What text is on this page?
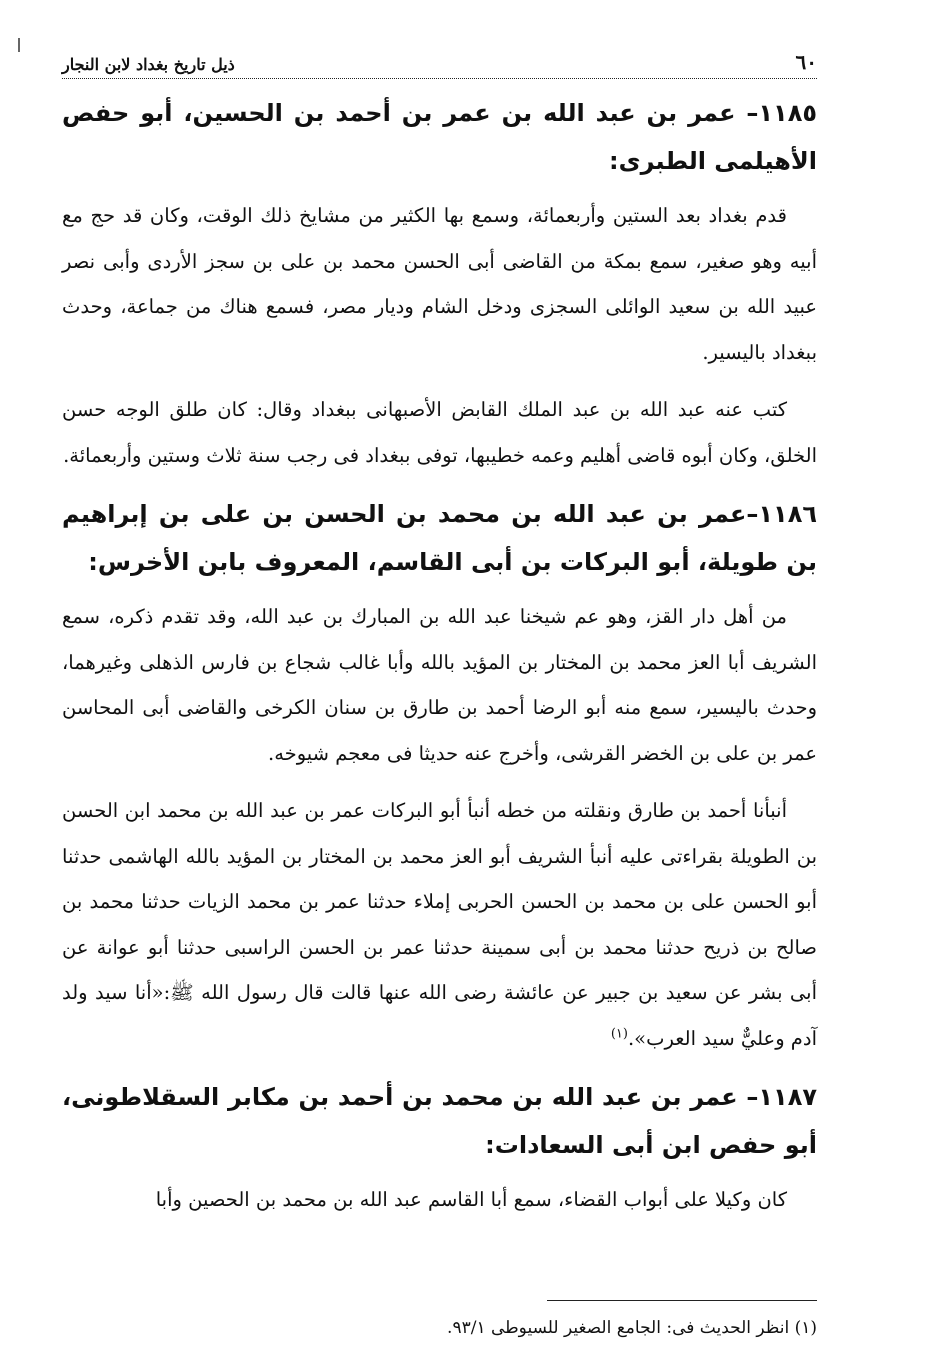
٦٠
ذيل تاريخ بغداد لابن النجار
١١٨٥– عمر بن عبد الله بن عمر بن أحمد بن الحسين، أبو حفص الأهيلمى الطبرى:

قدم بغداد بعد الستين وأربعمائة، وسمع بها الكثير من مشايخ ذلك الوقت، وكان قد حج مع أبيه وهو صغير، سمع بمكة من القاضى أبى الحسن محمد بن على بن سجز الأردى وأبى نصر عبيد الله بن سعيد الوائلى السجزى ودخل الشام وديار مصر، فسمع هناك من جماعة، وحدث ببغداد باليسير.

كتب عنه عبد الله بن عبد الملك القابض الأصبهانى ببغداد وقال: كان طلق الوجه حسن الخلق، وكان أبوه قاضى أهليم وعمه خطيبها، توفى ببغداد فى رجب سنة ثلاث وستين وأربعمائة.

١١٨٦–عمر بن عبد الله بن محمد بن الحسن بن على بن إبراهيم بن طويلة، أبو البركات بن أبى القاسم، المعروف بابن الأخرس:

من أهل دار القز، وهو عم شيخنا عبد الله بن المبارك بن عبد الله، وقد تقدم ذكره، سمع الشريف أبا العز محمد بن المختار بن المؤيد بالله وأبا غالب شجاع بن فارس الذهلى وغيرهما، وحدث باليسير، سمع منه أبو الرضا أحمد بن طارق بن سنان الكرخى والقاضى أبى المحاسن عمر بن على بن الخضر القرشى، وأخرج عنه حديثا فى معجم شيوخه.

أنبأنا أحمد بن طارق ونقلته من خطه أنبأ أبو البركات عمر بن عبد الله بن محمد ابن الحسن بن الطويلة بقراءتى عليه أنبأ الشريف أبو العز محمد بن المختار بن المؤيد بالله الهاشمى حدثنا أبو الحسن على بن محمد بن الحسن الحربى إملاء حدثنا عمر بن محمد الزيات حدثنا محمد بن صالح بن ذريح حدثنا محمد بن أبى سمينة حدثنا عمر بن الحسن الراسبى حدثنا أبو عوانة عن أبى بشر عن سعيد بن جبير عن عائشة رضى الله عنها قالت قال رسول الله ﷺ:«أنا سيد ولد آدم وعليٌّ سيد العرب».$^{(١)}$

١١٨٧– عمر بن عبد الله بن محمد بن أحمد بن مكابر السقلاطونى، أبو حفص ابن أبى السعادات:

كان وكيلا على أبواب القضاء، سمع أبا القاسم عبد الله بن محمد بن الحصين وأبا

(١) انظر الحديث فى: الجامع الصغير للسيوطى ٩٣/١.
